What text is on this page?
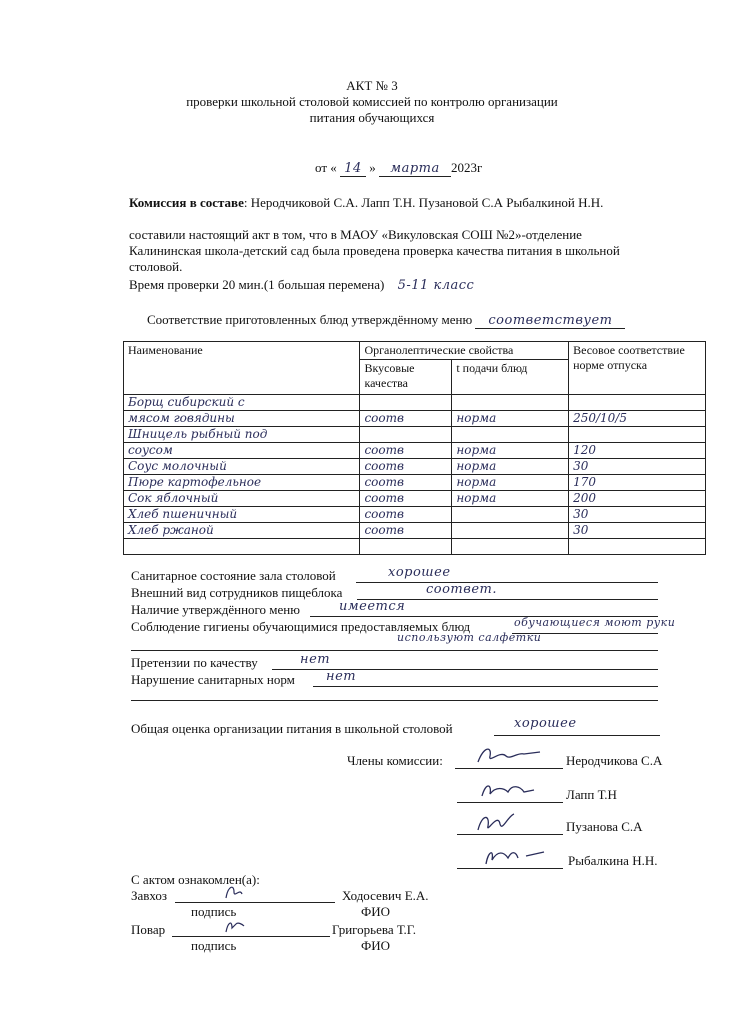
АКТ № 3
проверки школьной столовой комиссией по контролю организации
питания обучающихся
от « 14 » марта 2023г
Комиссия в составе: Неродчиковой С.А. Лапп Т.Н. Пузановой С.А Рыбалкиной Н.Н.
составили настоящий акт в том, что в МАОУ «Викуловская СОШ №2»-отделение
Калининская школа-детский сад была проведена проверка качества питания в школьной
столовой.
Время проверки 20 мин.(1 большая перемена) 5-11 класс
Соответствие приготовленных блюд утверждённому меню соответствует
Наименование	Органолептические свойства		Весовое соответствие норме отпуска
	Вкусовые качества	t подачи блюд	
Борщ сибирский с			
мясом говядины	соотв	норма	250/10/5
Шницель рыбный под			
соусом	соотв	норма	120
Соус молочный	соотв	норма	30
Пюре картофельное	соотв	норма	170
Сок яблочный	соотв	норма	200
Хлеб пшеничный	соотв		30
Хлеб ржаной	соотв		30

Санитарное состояние зала столовой	хорошее
Внешний вид сотрудников пищеблока	соответ.
Наличие утверждённого меню	имеется
Соблюдение гигиены обучающимися предоставляемых блюд	обучающиеся моют руки
используют салфетки
Претензии по качеству	нет
Нарушение санитарных норм нет
Общая оценка организации питания в школьной столовой	хорошее
Члены комиссии:	Неродчикова С.А
Лапп Т.Н
Пузанова С.А
Рыбалкина Н.Н.
С актом ознакомлен(а):
Завхоз	Ходосевич Е.А.
подпись	ФИО
Повар	Григорьева Т.Г.
подпись	ФИО
